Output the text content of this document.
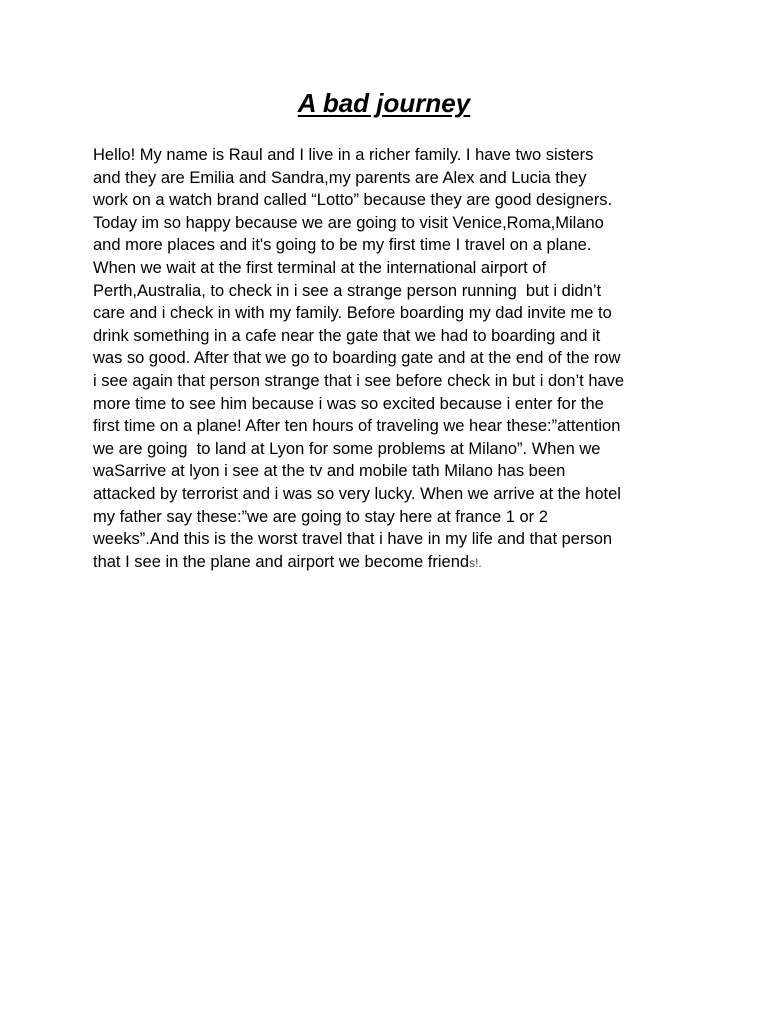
A bad journey
Hello! My name is Raul and I live in a richer family. I have two sisters
and they are Emilia and Sandra,my parents are Alex and Lucia they
work on a watch brand called “Lotto” because they are good designers.
Today im so happy because we are going to visit Venice,Roma,Milano
and more places and it's going to be my first time I travel on a plane.
When we wait at the first terminal at the international airport of
Perth,Australia, to check in i see a strange person running  but i didn’t
care and i check in with my family. Before boarding my dad invite me to
drink something in a cafe near the gate that we had to boarding and it
was so good. After that we go to boarding gate and at the end of the row
i see again that person strange that i see before check in but i don’t have
more time to see him because i was so excited because i enter for the
first time on a plane! After ten hours of traveling we hear these:”attention
we are going  to land at Lyon for some problems at Milano”. When we
waSarrive at lyon i see at the tv and mobile tath Milano has been
attacked by terrorist and i was so very lucky. When we arrive at the hotel
my father say these:”we are going to stay here at france 1 or 2
weeks”.And this is the worst travel that i have in my life and that person
that I see in the plane and airport we become friends!.
